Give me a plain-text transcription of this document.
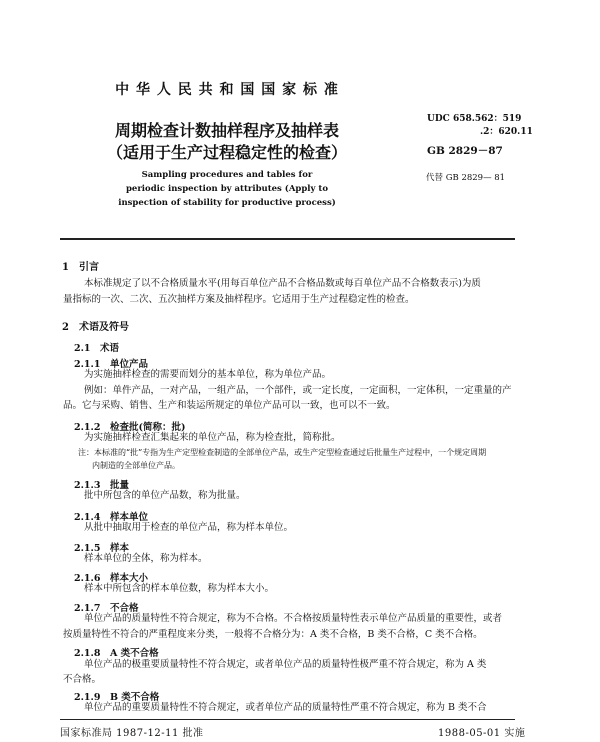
中 华 人 民 共 和 国 国 家 标 准
周期检查计数抽样程序及抽样表
（适用于生产过程稳定性的检查）
Sampling procedures and tables for
periodic inspection by attributes (Apply to
inspection of stability for productive process)
UDC 658.562：519
.2：620.11
GB 2829－87
代替 GB 2829— 81
1　引言
本标准规定了以不合格质量水平(用每百单位产品不合格品数或每百单位产品不合格数表示)为质
量指标的一次、二次、五次抽样方案及抽样程序。它适用于生产过程稳定性的检查。
2　术语及符号
2.1　术语
2.1.1　单位产品
为实施抽样检查的需要而划分的基本单位，称为单位产品。
例如：单件产品，一对产品，一组产品，一个部件，或一定长度，一定面积，一定体积，一定重量的产
品。它与采购、销售、生产和装运所规定的单位产品可以一致，也可以不一致。
2.1.2　检查批(简称：批)
为实施抽样检查汇集起来的单位产品，称为检查批，简称批。
注：本标准的“批”专指为生产定型检查制造的全部单位产品，或生产定型检查通过后批量生产过程中，一个规定周期
内制造的全部单位产品。
2.1.3　批量
批中所包含的单位产品数，称为批量。
2.1.4　样本单位
从批中抽取用于检查的单位产品，称为样本单位。
2.1.5　样本
样本单位的全体，称为样本。
2.1.6　样本大小
样本中所包含的样本单位数，称为样本大小。
2.1.7　不合格
单位产品的质量特性不符合规定，称为不合格。不合格按质量特性表示单位产品质量的重要性，或者
按质量特性不符合的严重程度来分类，一般将不合格分为：A 类不合格，B 类不合格，C 类不合格。
2.1.8　A 类不合格
单位产品的极重要质量特性不符合规定，或者单位产品的质量特性极严重不符合规定，称为 A 类
不合格。
2.1.9　B 类不合格
单位产品的重要质量特性不符合规定，或者单位产品的质量特性严重不符合规定，称为 B 类不合
国家标准局 1987-12-11 批准	1988-05-01 实施
